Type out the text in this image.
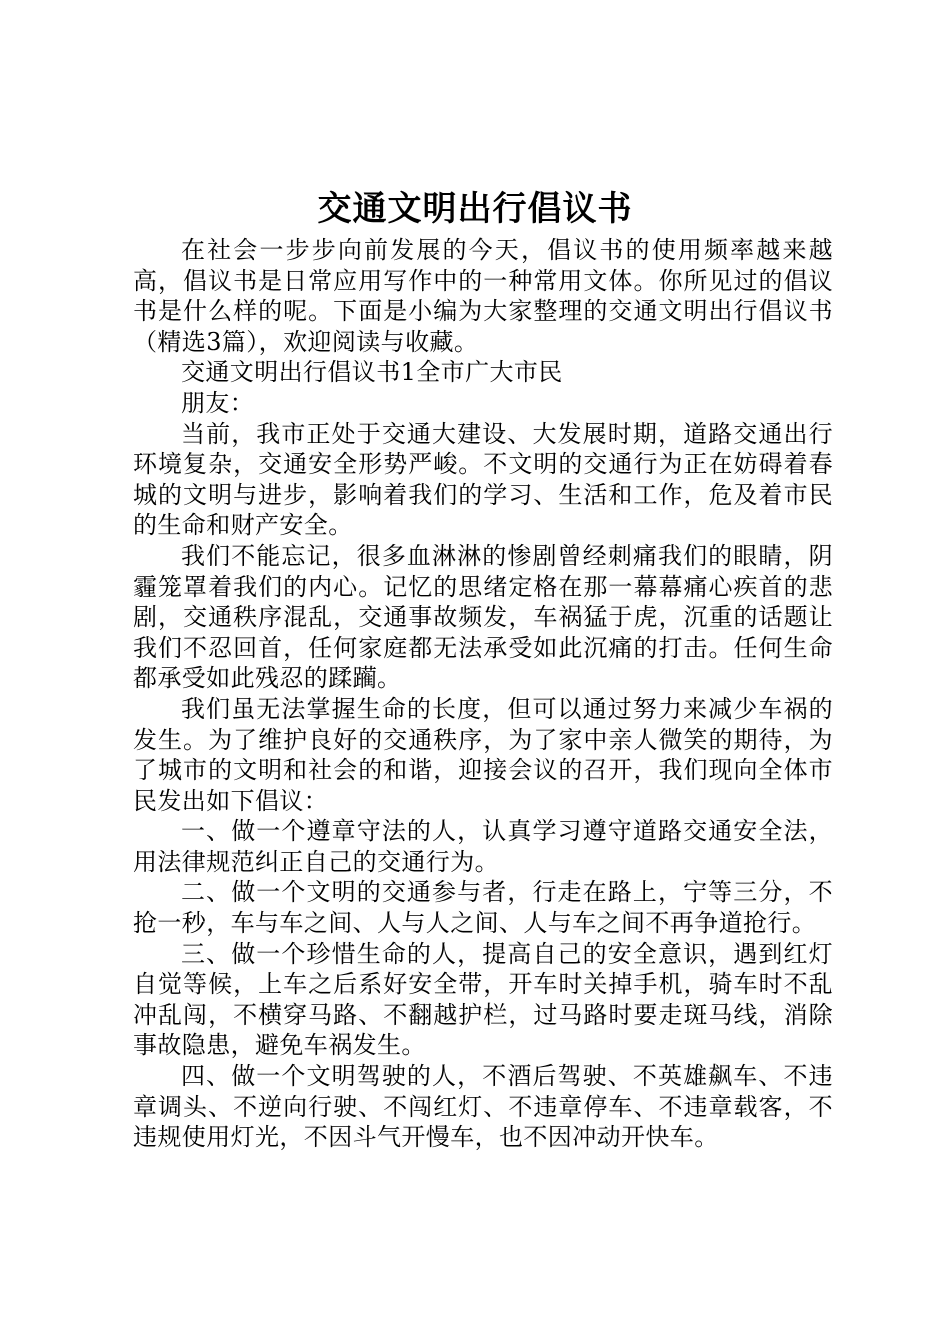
交通文明出行倡议书

在社会一步步向前发展的今天，倡议书的使用频率越来越高，倡议书是日常应用写作中的一种常用文体。你所见过的倡议书是什么样的呢。下面是小编为大家整理的交通文明出行倡议书（精选3篇），欢迎阅读与收藏。

交通文明出行倡议书1全市广大市民

朋友：

当前，我市正处于交通大建设、大发展时期，道路交通出行环境复杂，交通安全形势严峻。不文明的交通行为正在妨碍着春城的文明与进步，影响着我们的学习、生活和工作，危及着市民的生命和财产安全。

我们不能忘记，很多血淋淋的惨剧曾经刺痛我们的眼睛，阴霾笼罩着我们的内心。记忆的思绪定格在那一幕幕痛心疾首的悲剧，交通秩序混乱，交通事故频发，车祸猛于虎，沉重的话题让我们不忍回首，任何家庭都无法承受如此沉痛的打击。任何生命都承受如此残忍的蹂躏。

我们虽无法掌握生命的长度，但可以通过努力来减少车祸的发生。为了维护良好的交通秩序，为了家中亲人微笑的期待，为了城市的文明和社会的和谐，迎接会议的召开，我们现向全体市民发出如下倡议：

一、做一个遵章守法的人，认真学习遵守道路交通安全法，用法律规范纠正自己的交通行为。

二、做一个文明的交通参与者，行走在路上，宁等三分，不抢一秒，车与车之间、人与人之间、人与车之间不再争道抢行。

三、做一个珍惜生命的人，提高自己的安全意识，遇到红灯自觉等候，上车之后系好安全带，开车时关掉手机，骑车时不乱冲乱闯，不横穿马路、不翻越护栏，过马路时要走斑马线，消除事故隐患，避免车祸发生。

四、做一个文明驾驶的人，不酒后驾驶、不英雄飙车、不违章调头、不逆向行驶、不闯红灯、不违章停车、不违章载客，不违规使用灯光，不因斗气开慢车，也不因冲动开快车。
